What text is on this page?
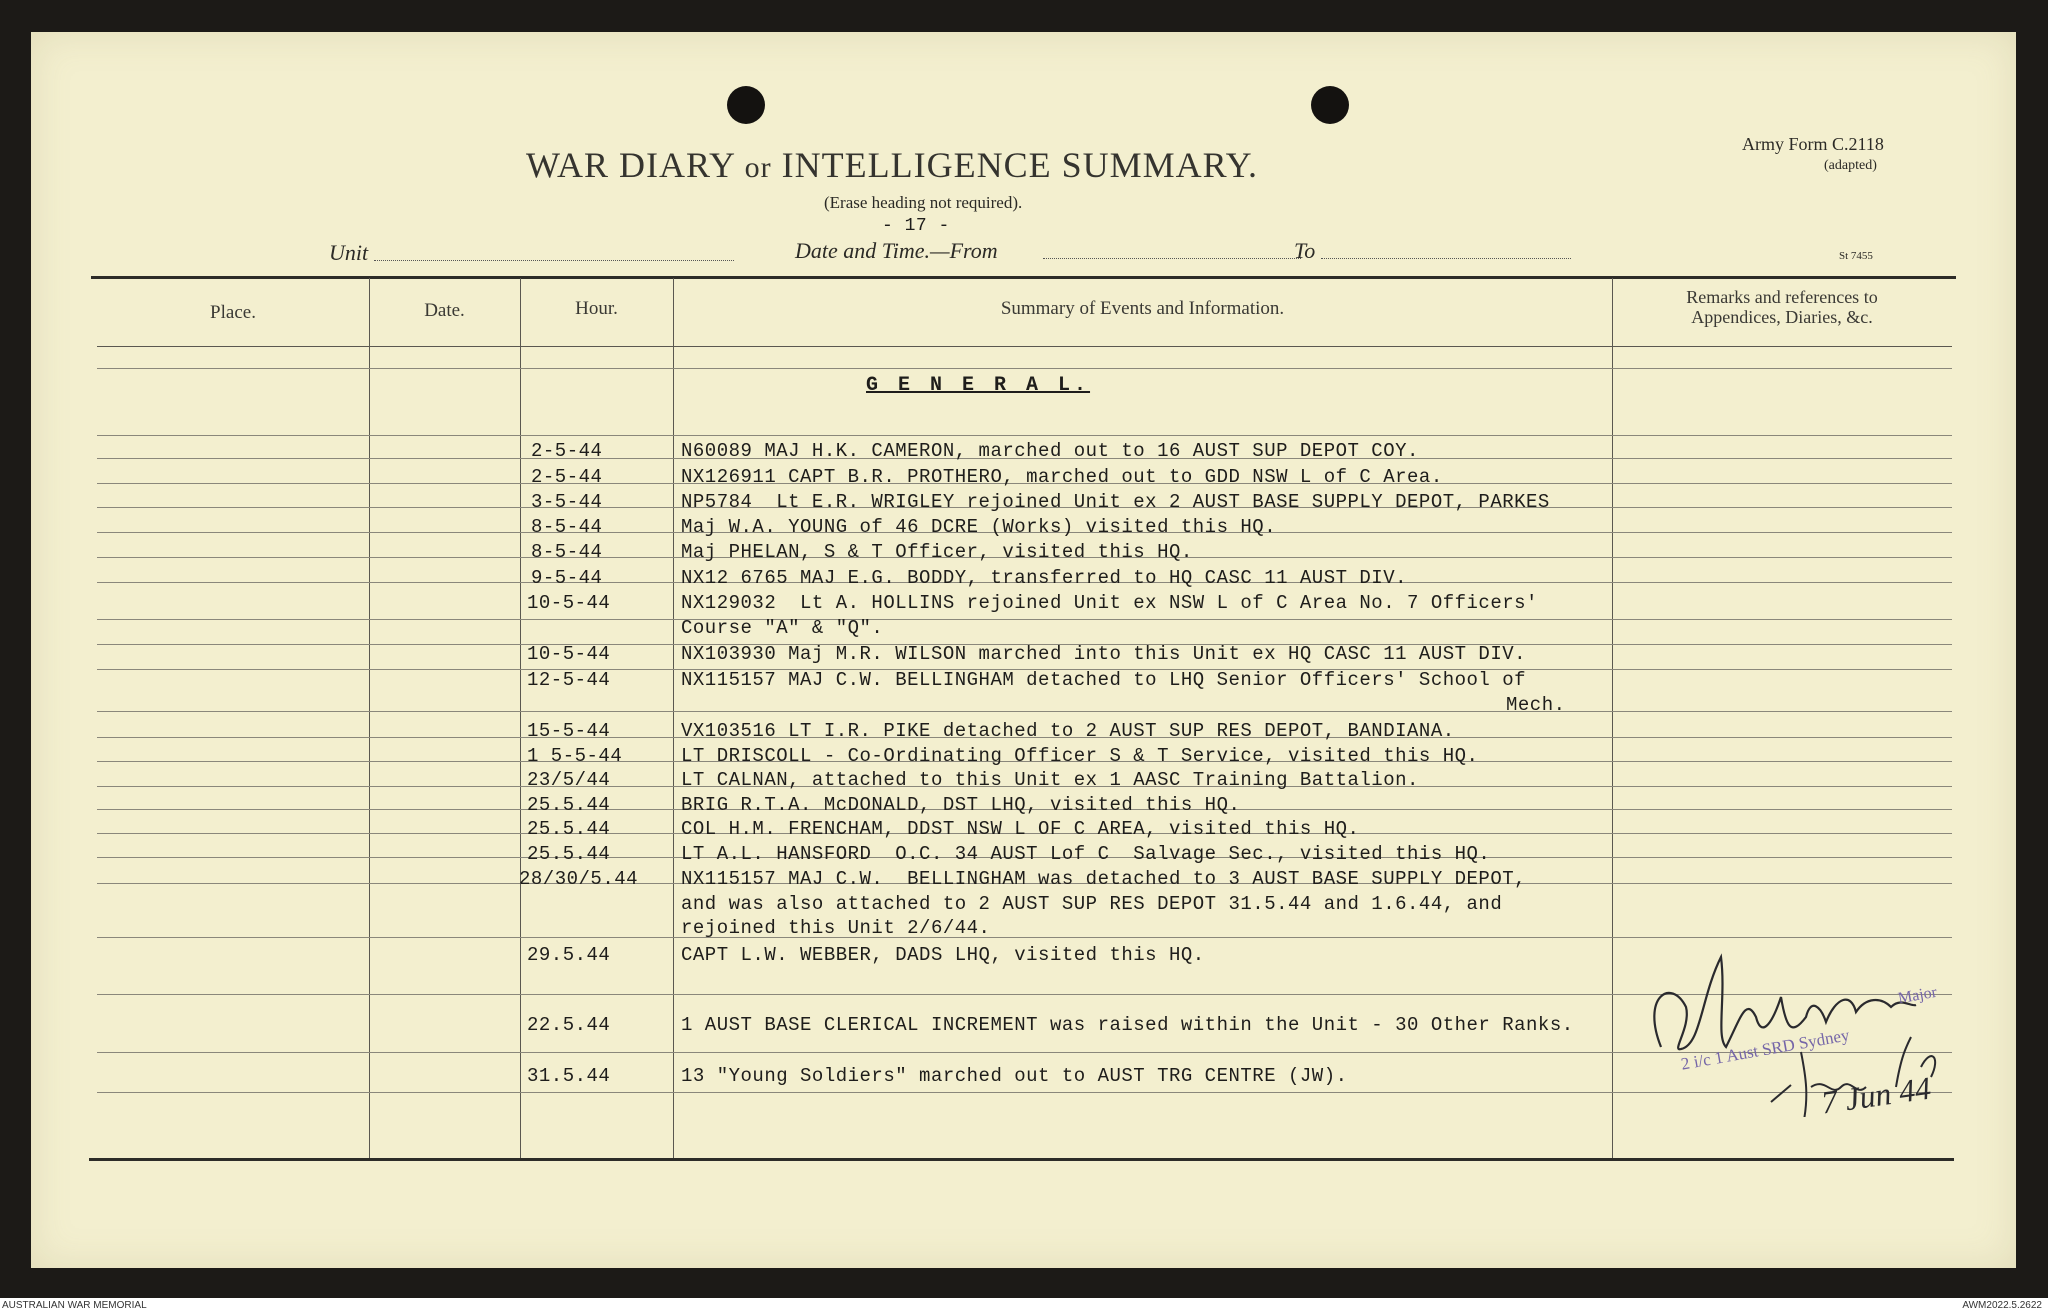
WAR DIARY or INTELLIGENCE SUMMARY.
(Erase heading not required).
- 17 -
Army Form C.2118
(adapted)
St 7455
Unit	Date and Time.—From	To
Place.	Date.	Hour.	Summary of Events and Information.
Remarks and references to
Appendices, Diaries, &c.
G E N E R A L.
2-5-44	N60089 MAJ H.K. CAMERON, marched out to 16 AUST SUP DEPOT COY.
2-5-44	NX126911 CAPT B.R. PROTHERO, marched out to GDD NSW L of C Area.
3-5-44	NP5784  Lt E.R. WRIGLEY rejoined Unit ex 2 AUST BASE SUPPLY DEPOT, PARKES
8-5-44	Maj W.A. YOUNG of 46 DCRE (Works) visited this HQ.
8-5-44	Maj PHELAN, S & T Officer, visited this HQ.
9-5-44	NX12 6765 MAJ E.G. BODDY, transferred to HQ CASC 11 AUST DIV.
10-5-44	NX129032  Lt A. HOLLINS rejoined Unit ex NSW L of C Area No. 7 Officers'
Course "A" & "Q".
10-5-44	NX103930 Maj M.R. WILSON marched into this Unit ex HQ CASC 11 AUST DIV.
12-5-44	NX115157 MAJ C.W. BELLINGHAM detached to LHQ Senior Officers' School of
Mech.
15-5-44	VX103516 LT I.R. PIKE detached to 2 AUST SUP RES DEPOT, BANDIANA.
1 5-5-44	LT DRISCOLL - Co-Ordinating Officer S & T Service, visited this HQ.
23/5/44	LT CALNAN, attached to this Unit ex 1 AASC Training Battalion.
25.5.44	BRIG R.T.A. McDONALD, DST LHQ, visited this HQ.
25.5.44	COL H.M. FRENCHAM, DDST NSW L OF C AREA, visited this HQ.
25.5.44	LT A.L. HANSFORD  O.C. 34 AUST Lof C  Salvage Sec., visited this HQ.
28/30/5.44 NX115157 MAJ C.W.  BELLINGHAM was detached to 3 AUST BASE SUPPLY DEPOT,
and was also attached to 2 AUST SUP RES DEPOT 31.5.44 and 1.6.44, and
rejoined this Unit 2/6/44.
29.5.44	CAPT L.W. WEBBER, DADS LHQ, visited this HQ.
22.5.44	1 AUST BASE CLERICAL INCREMENT was raised within the Unit - 30 Other Ranks.
31.5.44	13 "Young Soldiers" marched out to AUST TRG CENTRE (JW).
Major
2 i/c 1 Aust SRD Sydney
7 Jun 44
AUSTRALIAN WAR MEMORIAL	AWM2022.5.2622
